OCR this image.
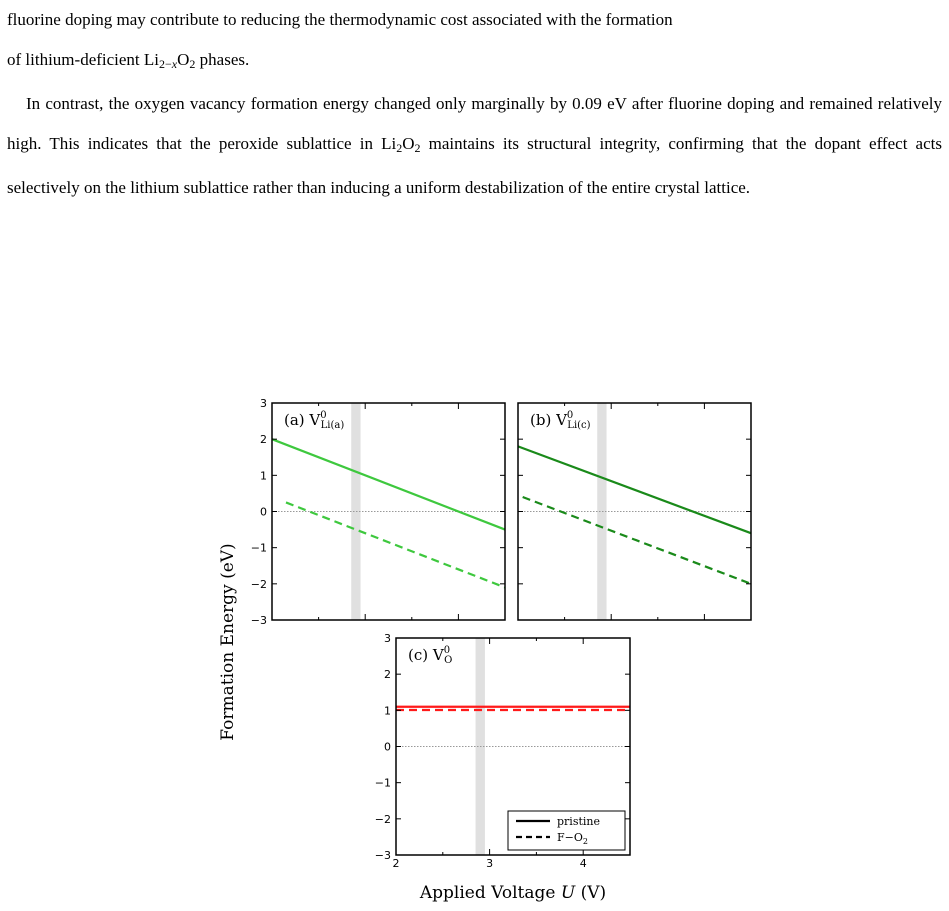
fluorine doping may contribute to reducing the thermodynamic cost associated with the formation
of lithium-deficient $Li_{2-x}O_2$ phases.

In contrast, the oxygen vacancy formation energy changed only marginally by 0.09 eV after fluorine doping and remained relatively high. This indicates that the peroxide sublattice in $Li_2O_2$ maintains its structural integrity, confirming that the dopant effect acts selectively on the lithium sublattice rather than inducing a uniform destabilization of the entire crystal lattice.

Formation Energy (eV)
Applied Voltage U (V)
−3
−2
−1
0
1
2
3
(a) $V^0$ Li(a)	(b) $V^0$ Li(c)
−3
−2
−1
0
1
2
3
2	3	4
(c) $V^0$ O
pristine
$F-O_2$
